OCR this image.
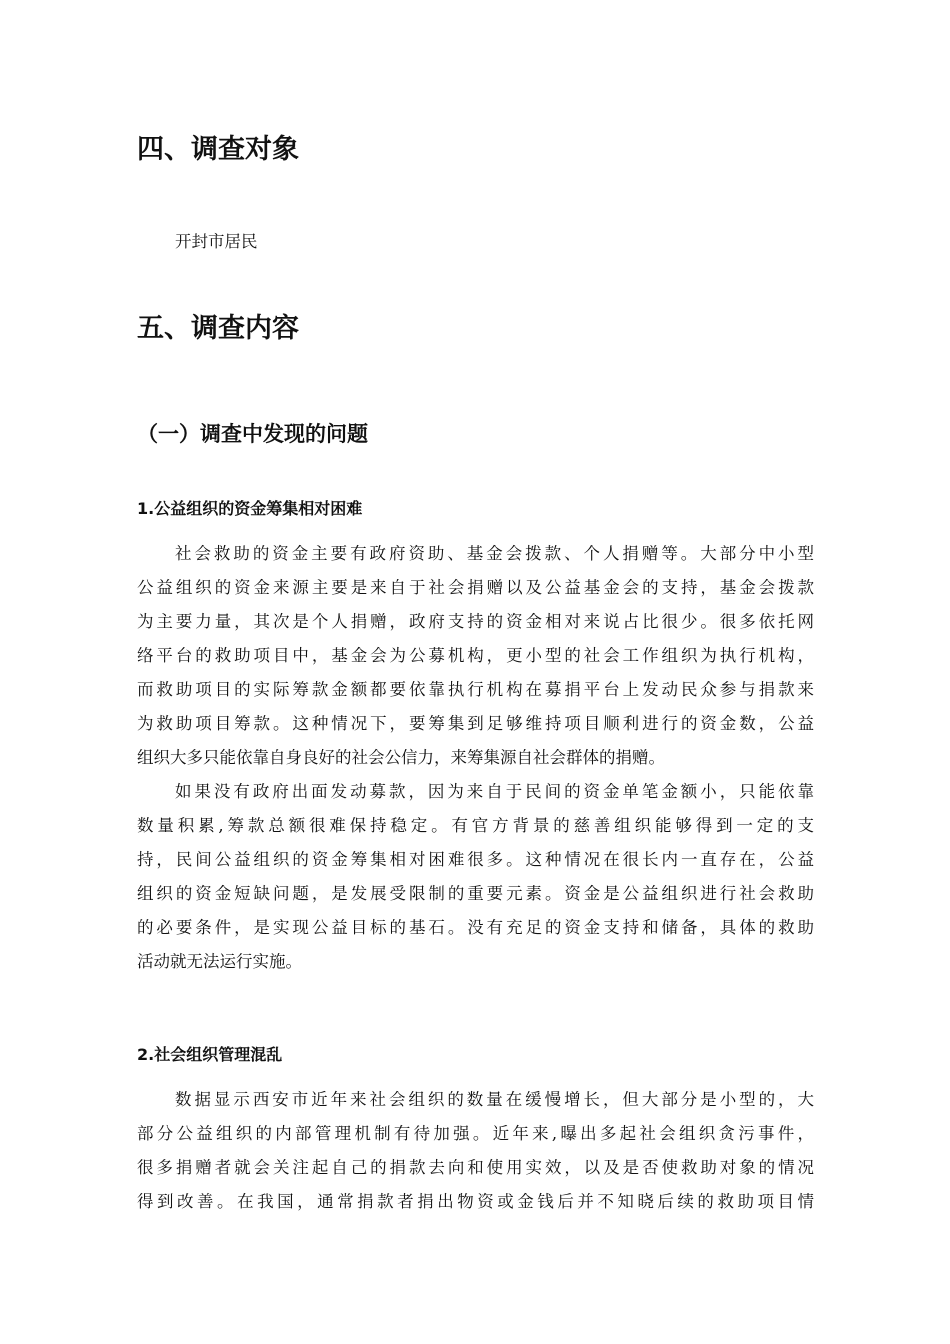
四、调查对象

开封市居民

五、调查内容
（一）调查中发现的问题
1.公益组织的资金筹集相对困难
社会救助的资金主要有政府资助、基金会拨款、个人捐赠等。大部分中小型
公益组织的资金来源主要是来自于社会捐赠以及公益基金会的支持，基金会拨款
为主要力量，其次是个人捐赠，政府支持的资金相对来说占比很少。很多依托网
络平台的救助项目中，基金会为公募机构，更小型的社会工作组织为执行机构，
而救助项目的实际筹款金额都要依靠执行机构在募捐平台上发动民众参与捐款来
为救助项目筹款。这种情况下，要筹集到足够维持项目顺利进行的资金数，公益
组织大多只能依靠自身良好的社会公信力，来筹集源自社会群体的捐赠。
如果没有政府出面发动募款，因为来自于民间的资金单笔金额小，只能依靠
数量积累,筹款总额很难保持稳定。有官方背景的慈善组织能够得到一定的支
持，民间公益组织的资金筹集相对困难很多。这种情况在很长内一直存在，公益
组织的资金短缺问题，是发展受限制的重要元素。资金是公益组织进行社会救助
的必要条件，是实现公益目标的基石。没有充足的资金支持和储备，具体的救助
活动就无法运行实施。
2.社会组织管理混乱
数据显示西安市近年来社会组织的数量在缓慢增长，但大部分是小型的，大
部分公益组织的内部管理机制有待加强。近年来,曝出多起社会组织贪污事件，
很多捐赠者就会关注起自己的捐款去向和使用实效，以及是否使救助对象的情况
得到改善。在我国，通常捐款者捐出物资或金钱后并不知晓后续的救助项目情
